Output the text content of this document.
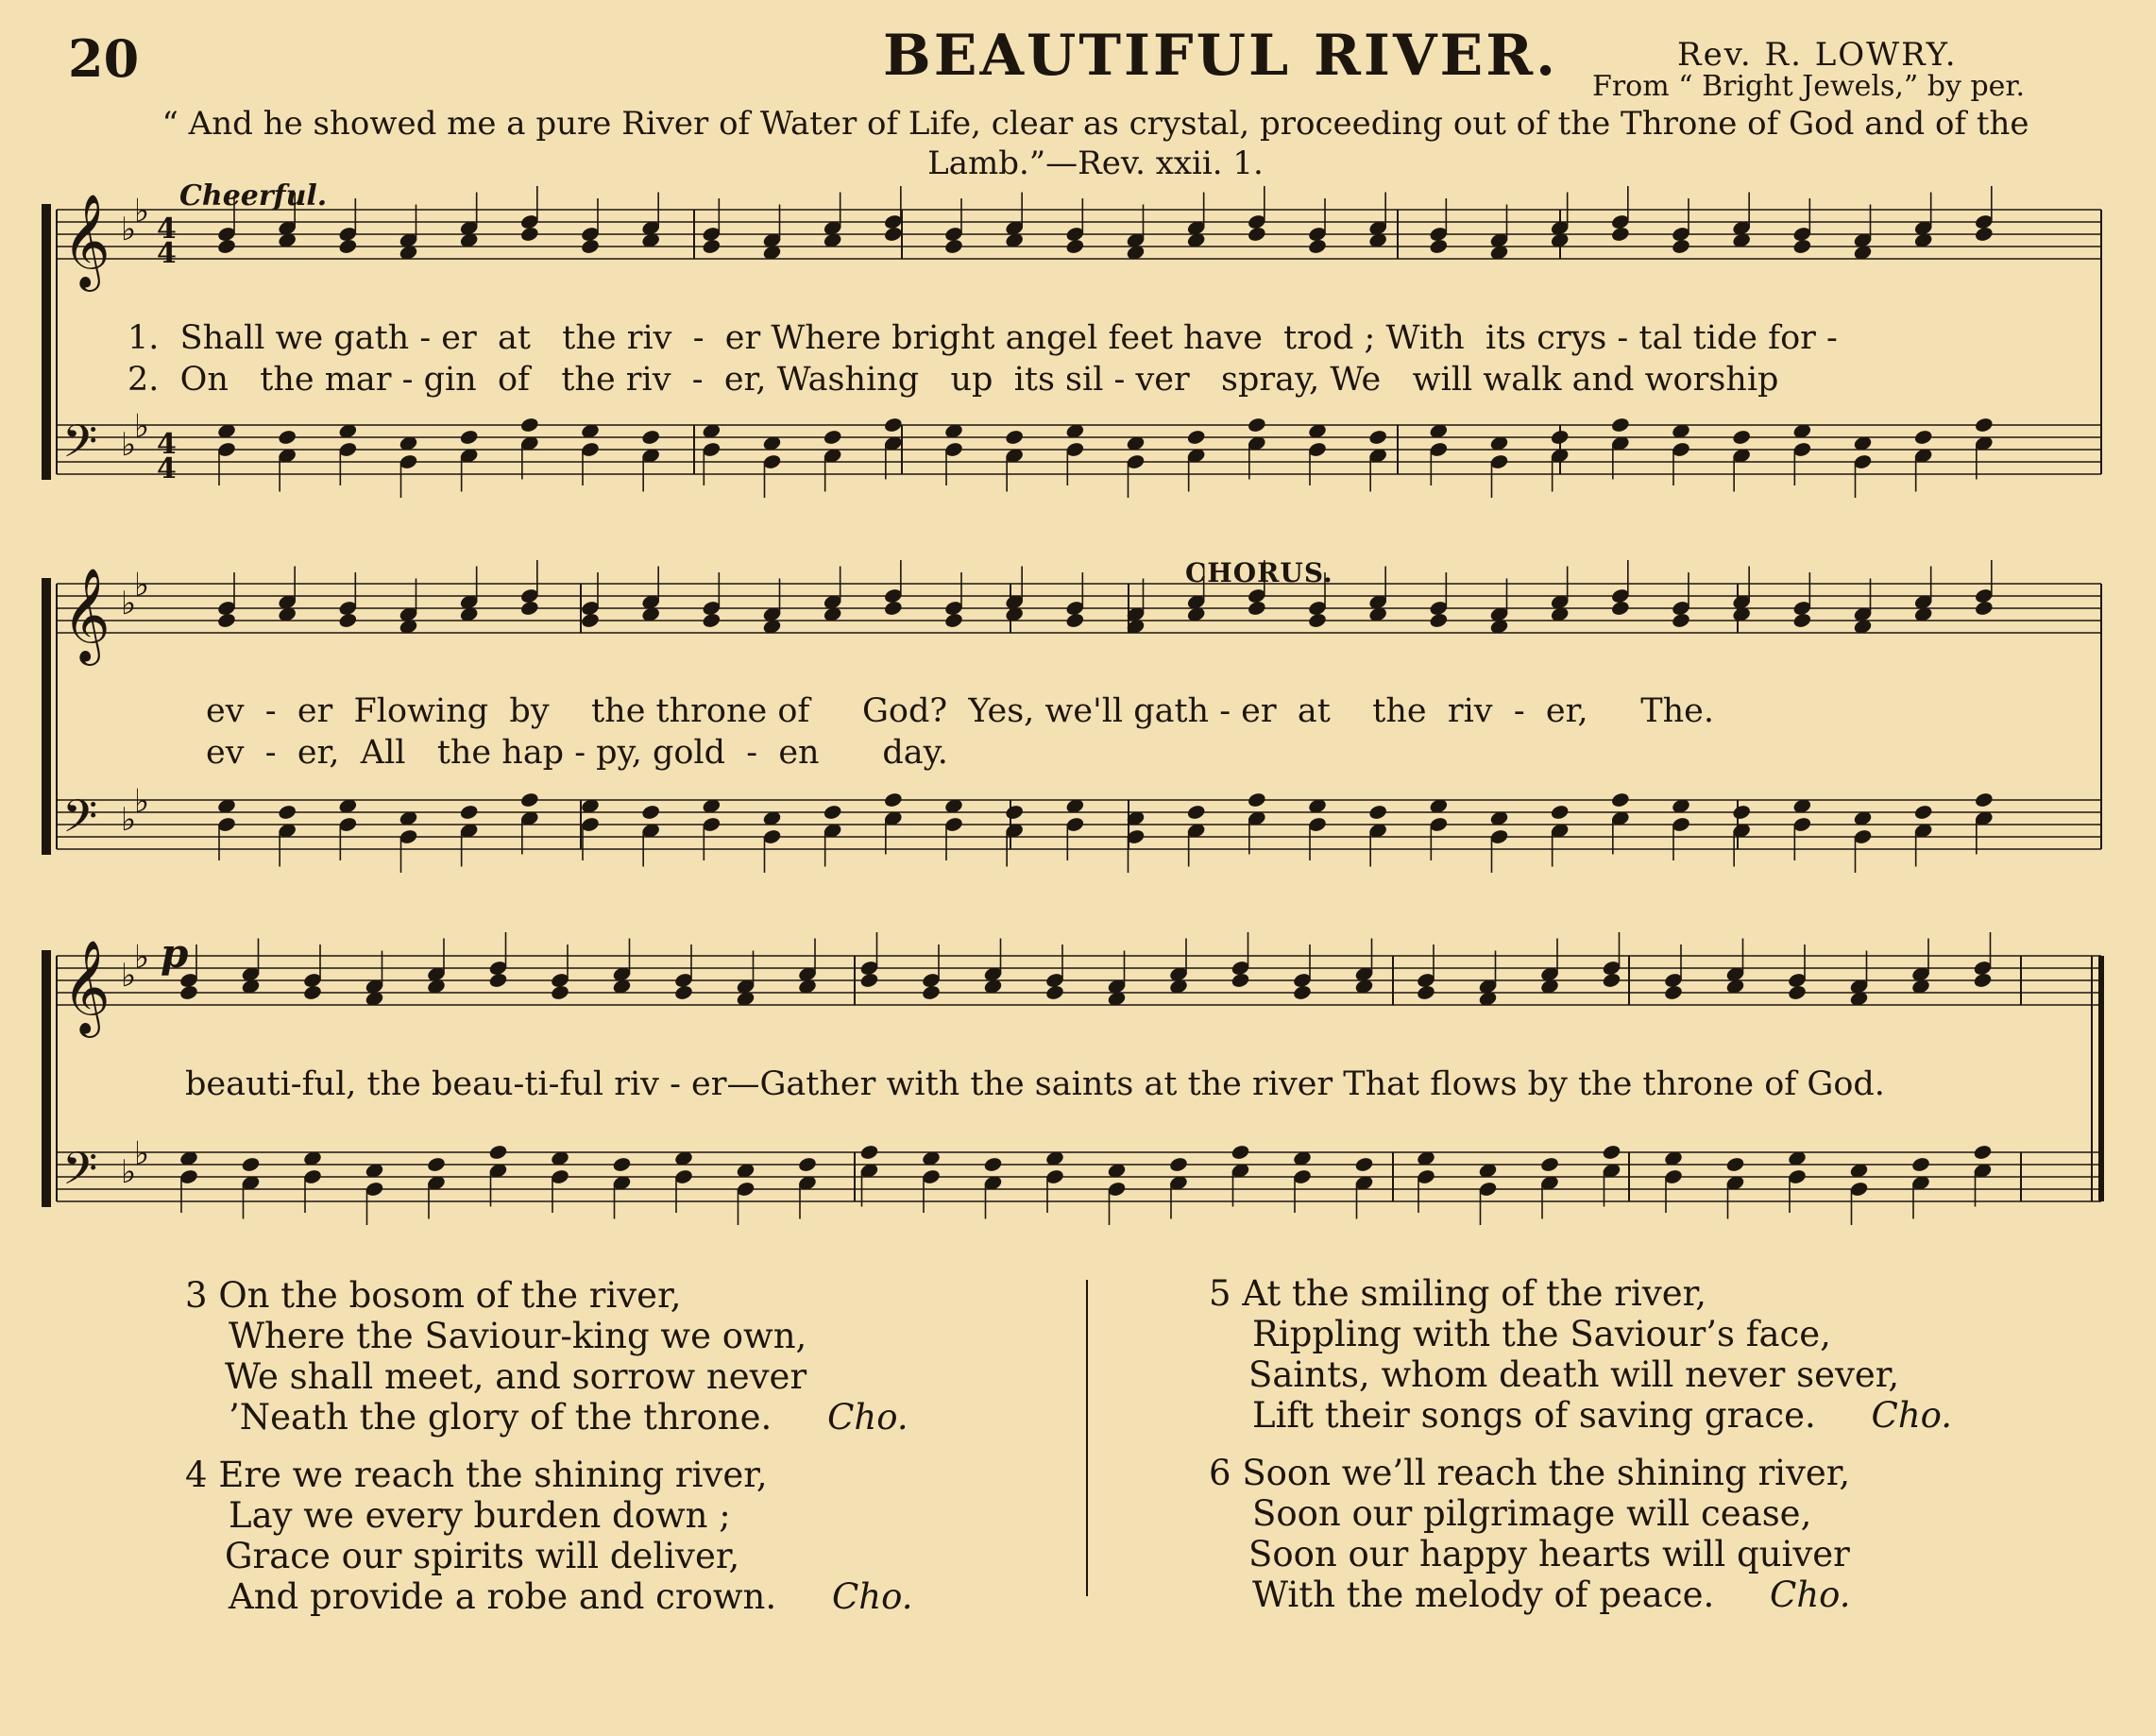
20	BEAUTIFUL RIVER.	Rev. R. LOWRY.
From “ Bright Jewels,” by per.
“ And he showed me a pure River of Water of Life, clear as crystal, proceeding out of the Throne of God and of the Lamb.”—Rev. xxii. 1.
Cheerful.
CHORUS.
p
𝄞 ♭
♭ 4
4
𝄢 ♭
♭ 4
4
𝄞 ♭
♭
𝄢 ♭
♭
𝄞 ♭
♭
𝄢 ♭
♭
1.  Shall we gath - er  at   the riv  -  er Where bright angel feet have  trod ; With  its crys - tal tide for -
2.  On   the mar - gin  of   the riv  -  er, Washing   up  its sil - ver   spray, We   will walk and worship
ev  -  er  Flowing  by    the throne of     God?  Yes, we'll gath - er  at    the  riv  -  er,     The.
ev  -  er,  All   the hap - py, gold  -  en      day.
beauti-ful, the beau-ti-ful riv - er—Gather with the saints at the river That flows by the throne of God.
3 On the bosom of the river,
Where the Saviour-king we own,
We shall meet, and sorrow never
’Neath the glory of the throne. Cho.
4 Ere we reach the shining river,
Lay we every burden down ;
Grace our spirits will deliver,
And provide a robe and crown. Cho.
5 At the smiling of the river,
Rippling with the Saviour’s face,
Saints, whom death will never sever,
Lift their songs of saving grace. Cho.
6 Soon we’ll reach the shining river,
Soon our pilgrimage will cease,
Soon our happy hearts will quiver
With the melody of peace. Cho.
